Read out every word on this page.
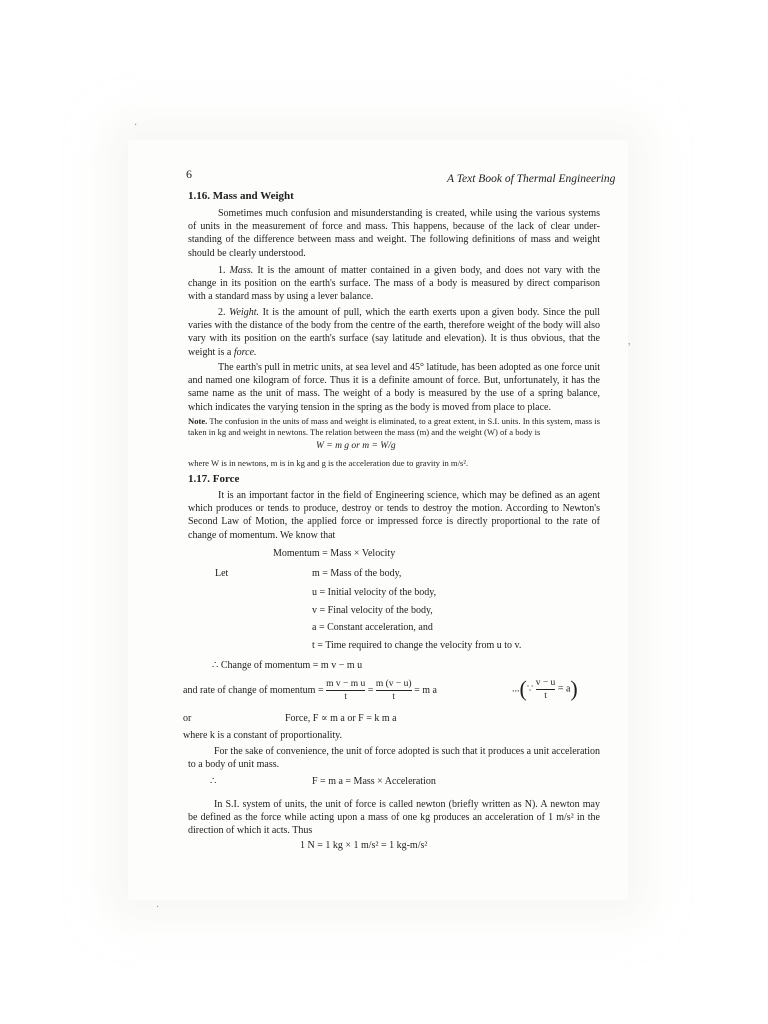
6	A Text Book of Thermal Engineering
1.16. Mass and Weight
Sometimes much confusion and misunderstanding is created, while using the various systems of units in the measurement of force and mass. This happens, because of the lack of clear under-standing of the difference between mass and weight. The following definitions of mass and weight should be clearly understood.
1. Mass. It is the amount of matter contained in a given body, and does not vary with the change in its position on the earth's surface. The mass of a body is measured by direct comparison with a standard mass by using a lever balance.
2. Weight. It is the amount of pull, which the earth exerts upon a given body. Since the pull varies with the distance of the body from the centre of the earth, therefore weight of the body will also vary with its position on the earth's surface (say latitude and elevation). It is thus obvious, that the weight is a force.
The earth's pull in metric units, at sea level and 45° latitude, has been adopted as one force unit and named one kilogram of force. Thus it is a definite amount of force. But, unfortunately, it has the same name as the unit of mass. The weight of a body is measured by the use of a spring balance, which indicates the varying tension in the spring as the body is moved from place to place.
Note. The confusion in the units of mass and weight is eliminated, to a great extent, in S.I. units. In this system, mass is taken in kg and weight in newtons. The relation between the mass (m) and the weight (W) of a body is
W = m g or m = W/g
where W is in newtons, m is in kg and g is the acceleration due to gravity in m/s².
1.17. Force
It is an important factor in the field of Engineering science, which may be defined as an agent which produces or tends to produce, destroy or tends to destroy the motion. According to Newton's Second Law of Motion, the applied force or impressed force is directly proportional to the rate of change of momentum. We know that
Momentum = Mass × Velocity
Let	m = Mass of the body,
u = Initial velocity of the body,
v = Final velocity of the body,
a = Constant acceleration, and
t = Time required to change the velocity from u to v.
∴ Change of momentum = m v − m u
and rate of change of momentum = $\frac{\text{m v − m u}}{t} = \frac{m (v - u)}{t} = m$ a	...(∵ $\frac{v - u}{t} = a$)
or	Force, F ∝ m a or F = k m a
where k is a constant of proportionality.
For the sake of convenience, the unit of force adopted is such that it produces a unit acceleration to a body of unit mass.
∴	F = m a = Mass × Acceleration
In S.I. system of units, the unit of force is called newton (briefly written as N). A newton may be defined as the force while acting upon a mass of one kg produces an acceleration of 1 m/s² in the direction of which it acts. Thus
1 N = 1 kg × 1 m/s² = 1 kg-m/s²
·
,
·
